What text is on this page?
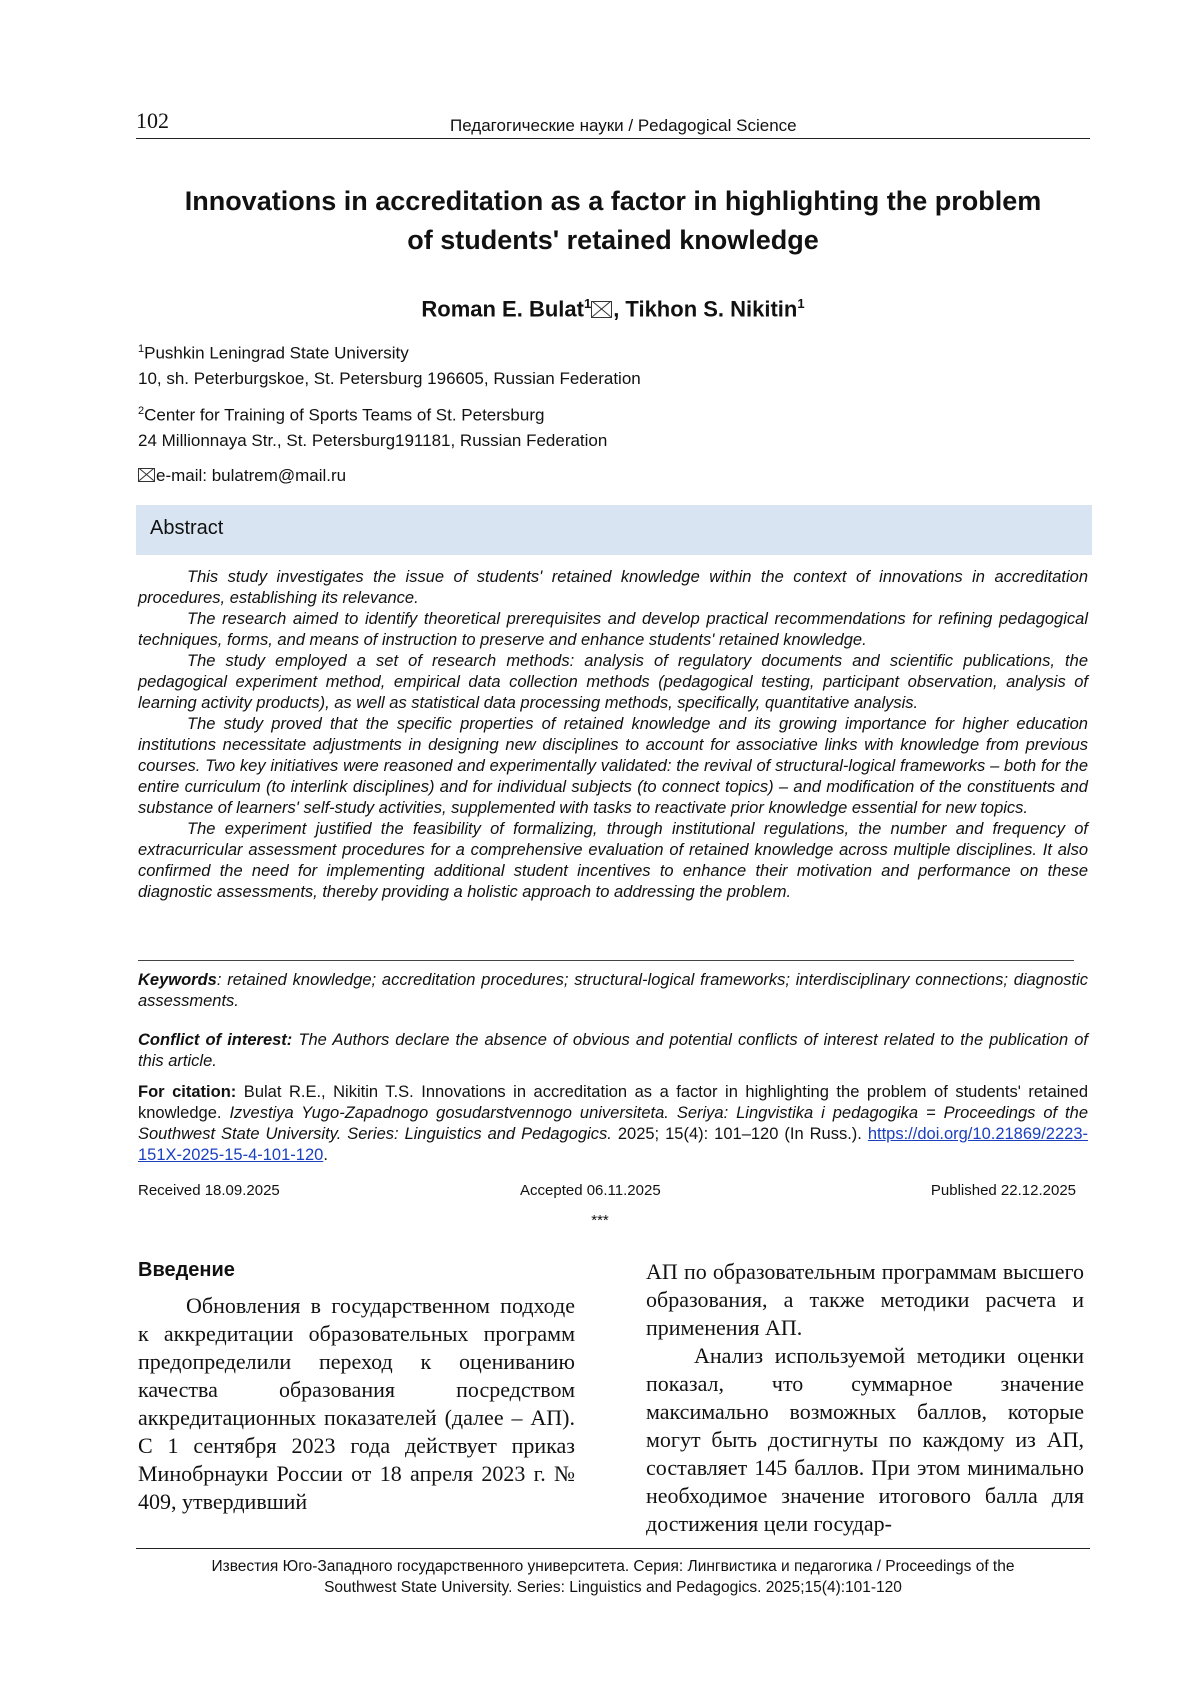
102	Педагогические науки / Pedagogical Science
Innovations in accreditation as a factor in highlighting the problem
of students' retained knowledge
Roman E. Bulat$^1$ , Tikhon S. Nikitin$^1$
$^1$Pushkin Leningrad State University
10, sh. Peterburgskoe, St. Petersburg 196605, Russian Federation
$^2$Center for Training of Sports Teams of St. Petersburg
24 Millionnaya Str., St. Petersburg191181, Russian Federation
e-mail: bulatrem@mail.ru
Abstract

This study investigates the issue of students' retained knowledge within the context of innovations in accreditation procedures, establishing its relevance.

The research aimed to identify theoretical prerequisites and develop practical recommendations for refining pedagogical techniques, forms, and means of instruction to preserve and enhance students' retained knowledge.

The study employed a set of research methods: analysis of regulatory documents and scientific publications, the pedagogical experiment method, empirical data collection methods (pedagogical testing, participant observation, analysis of learning activity products), as well as statistical data processing methods, specifically, quantitative analysis.

The study proved that the specific properties of retained knowledge and its growing importance for higher education institutions necessitate adjustments in designing new disciplines to account for associative links with knowledge from previous courses. Two key initiatives were reasoned and experimentally validated: the revival of structural-logical frameworks – both for the entire curriculum (to interlink disciplines) and for individual subjects (to connect topics) – and modification of the constituents and substance of learners' self-study activities, supplemented with tasks to reactivate prior knowledge essential for new topics.

The experiment justified the feasibility of formalizing, through institutional regulations, the number and frequency of extracurricular assessment procedures for a comprehensive evaluation of retained knowledge across multiple disciplines. It also confirmed the need for implementing additional student incentives to enhance their motivation and performance on these diagnostic assessments, thereby providing a holistic approach to addressing the problem.

Keywords: retained knowledge; accreditation procedures; structural-logical frameworks; interdisciplinary connections; diagnostic assessments.
Conflict of interest: The Authors declare the absence of obvious and potential conflicts of interest related to the publication of this article.
For citation: Bulat R.E., Nikitin T.S. Innovations in accreditation as a factor in highlighting the problem of students' retained knowledge. Izvestiya Yugo-Zapadnogo gosudarstvennogo universiteta. Seriya: Lingvistika i pedagogika = Proceedings of the Southwest State University. Series: Linguistics and Pedagogics. 2025; 15(4): 101–120 (In Russ.). https://doi.org/10.21869/2223-151X-2025-15-4-101-120.
Received 18.09.2025	Accepted 06.11.2025	Published 22.12.2025
***
Введение

Обновления в государственном подходе к аккредитации образовательных программ предопределили переход к оцениванию качества образования посредством аккредитационных показателей (далее – АП). С 1 сентября 2023 года действует приказ Минобрнауки России от 18 апреля 2023 г. № 409, утвердивший

АП по образовательным программам высшего образования, а также методики расчета и применения АП.

Анализ используемой методики оценки показал, что суммарное значение максимально возможных баллов, которые могут быть достигнуты по каждому из АП, составляет 145 баллов. При этом минимально необходимое значение итогового балла для достижения цели государ-

Известия Юго-Западного государственного университета. Серия: Лингвистика и педагогика / Proceedings of the
Southwest State University. Series: Linguistics and Pedagogics. 2025;15(4):101-120
